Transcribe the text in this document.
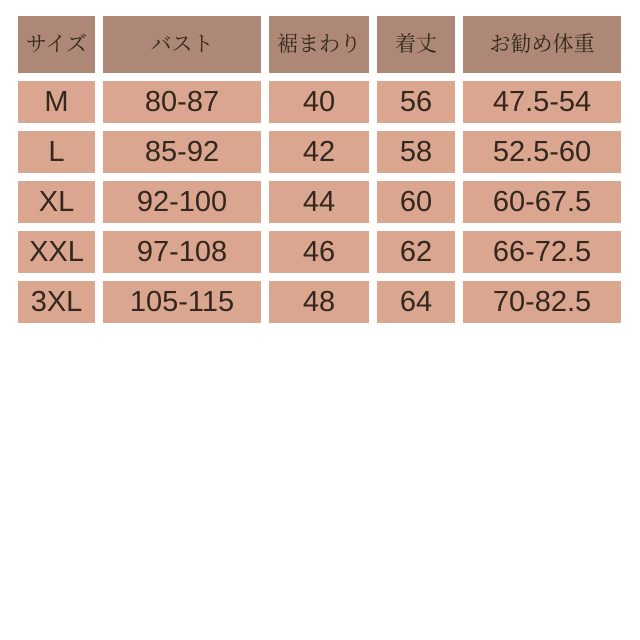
サイズ	バスト	裾まわり	着丈	お勧め体重
M	80-87	40	56	47.5-54
L	85-92	42	58	52.5-60
XL	92-100	44	60	60-67.5
XXL	97-108	46	62	66-72.5
3XL	105-115	48	64	70-82.5
